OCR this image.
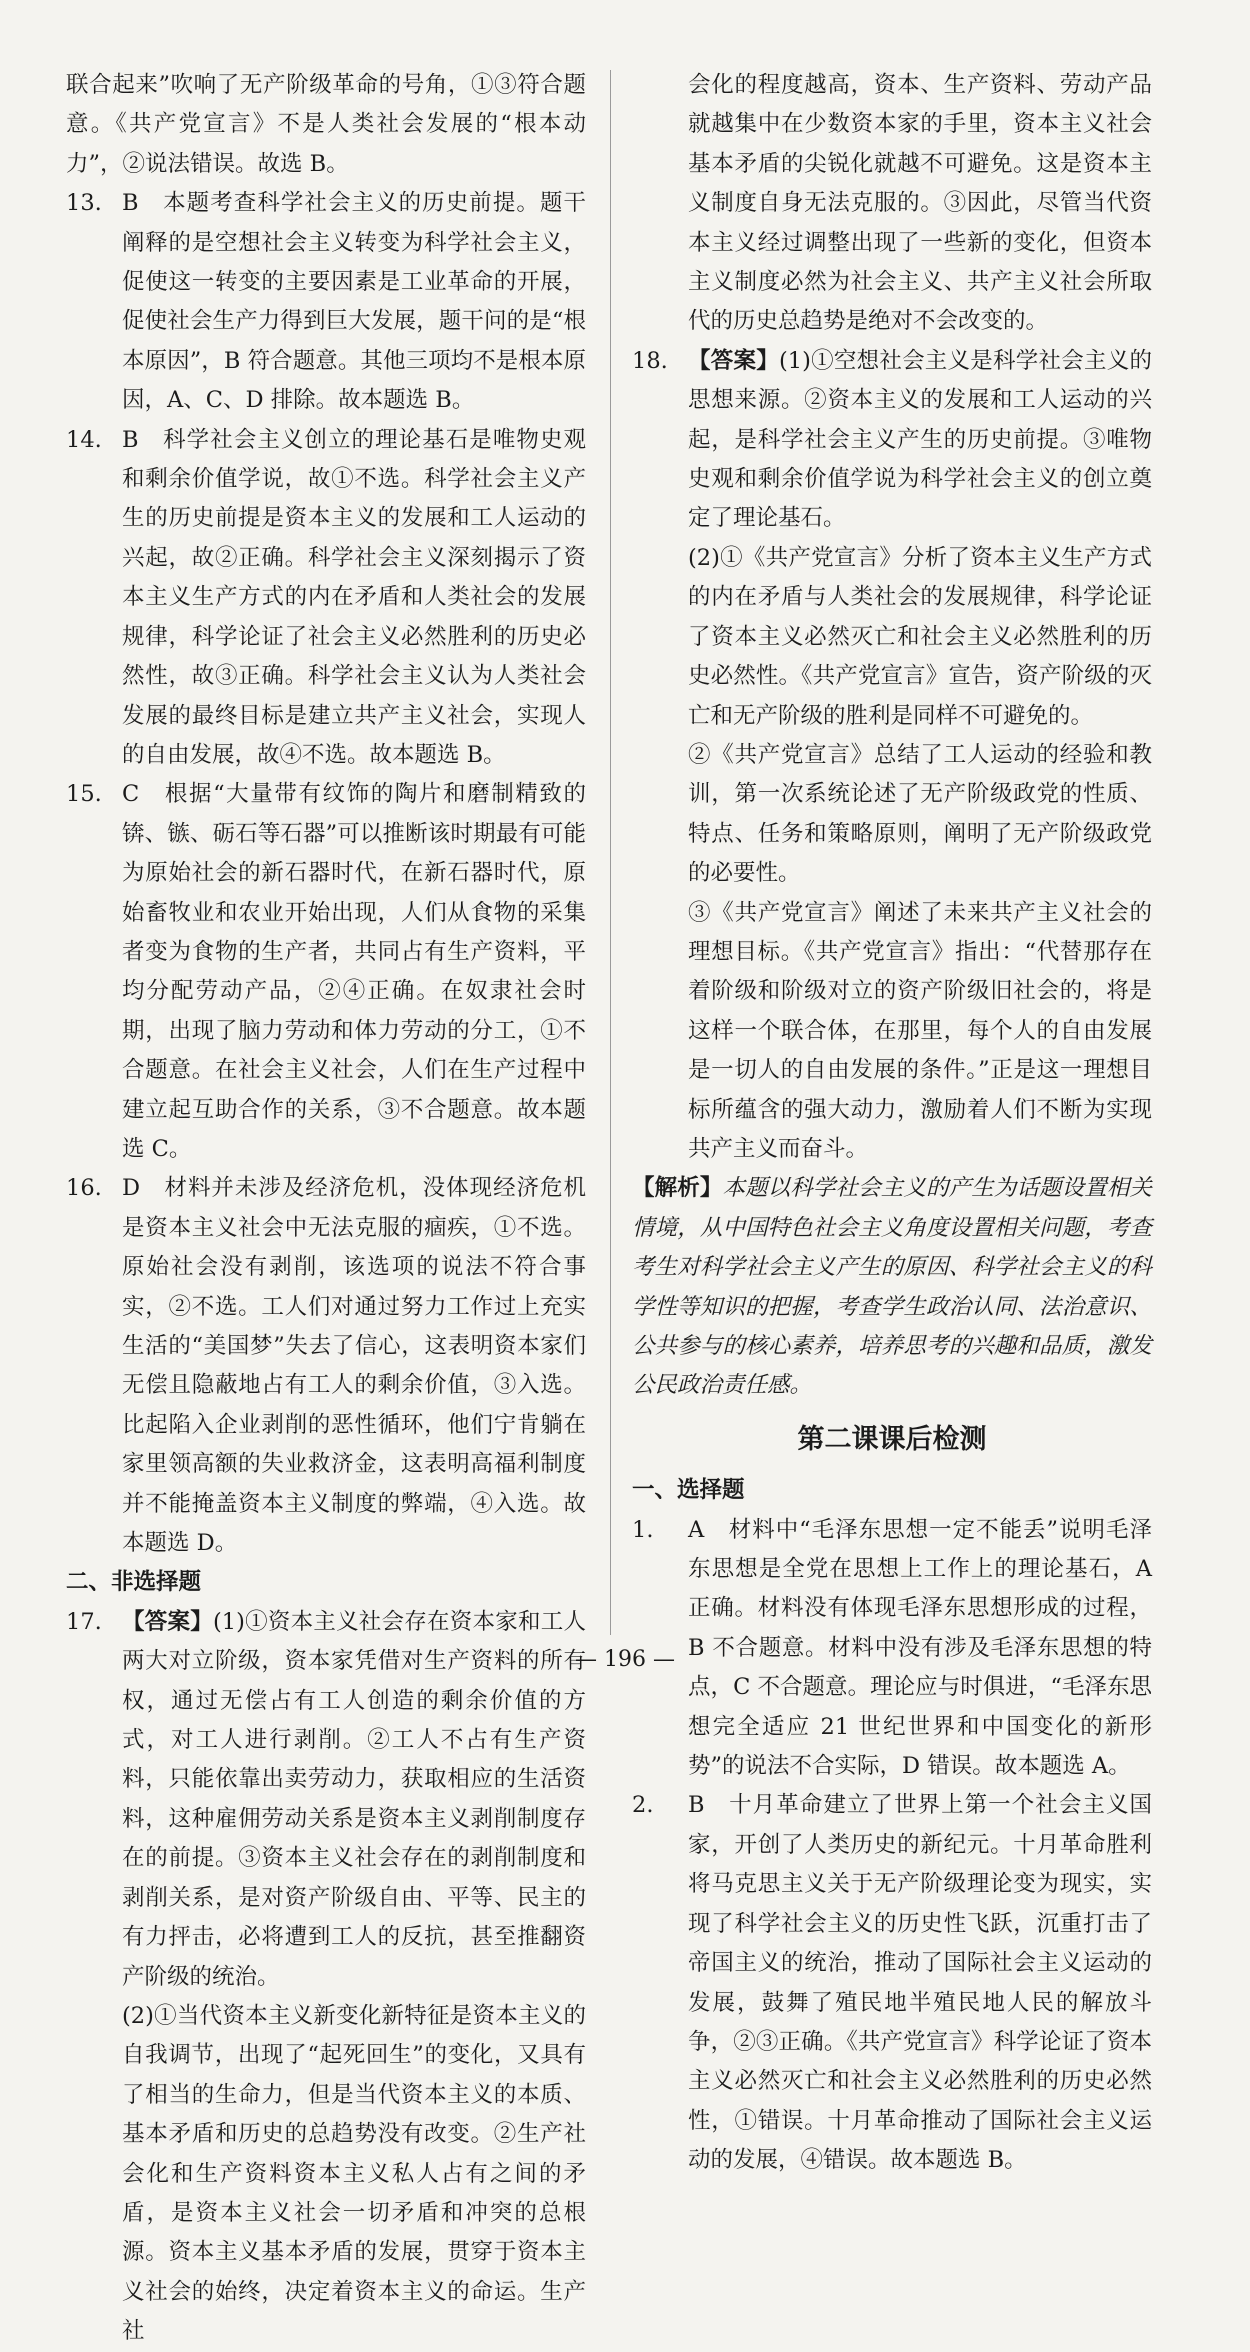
联合起来”吹响了无产阶级革命的号角，①③符合题意。《共产党宣言》不是人类社会发展的“根本动力”，②说法错误。故选 B。

13. B　本题考查科学社会主义的历史前提。题干阐释的是空想社会主义转变为科学社会主义，促使这一转变的主要因素是工业革命的开展，促使社会生产力得到巨大发展，题干问的是“根本原因”，B 符合题意。其他三项均不是根本原因，A、C、D 排除。故本题选 B。
14. B　科学社会主义创立的理论基石是唯物史观和剩余价值学说，故①不选。科学社会主义产生的历史前提是资本主义的发展和工人运动的兴起，故②正确。科学社会主义深刻揭示了资本主义生产方式的内在矛盾和人类社会的发展规律，科学论证了社会主义必然胜利的历史必然性，故③正确。科学社会主义认为人类社会发展的最终目标是建立共产主义社会，实现人的自由发展，故④不选。故本题选 B。
15. C　根据“大量带有纹饰的陶片和磨制精致的锛、镞、砺石等石器”可以推断该时期最有可能为原始社会的新石器时代，在新石器时代，原始畜牧业和农业开始出现，人们从食物的采集者变为食物的生产者，共同占有生产资料，平均分配劳动产品，②④正确。在奴隶社会时期，出现了脑力劳动和体力劳动的分工，①不合题意。在社会主义社会，人们在生产过程中建立起互助合作的关系，③不合题意。故本题选 C。
16. D　材料并未涉及经济危机，没体现经济危机是资本主义社会中无法克服的痼疾，①不选。原始社会没有剥削，该选项的说法不符合事实，②不选。工人们对通过努力工作过上充实生活的“美国梦”失去了信心，这表明资本家们无偿且隐蔽地占有工人的剩余价值，③入选。比起陷入企业剥削的恶性循环，他们宁肯躺在家里领高额的失业救济金，这表明高福利制度并不能掩盖资本主义制度的弊端，④入选。故本题选 D。

二、非选择题

17. 【答案】(1)①资本主义社会存在资本家和工人两大对立阶级，资本家凭借对生产资料的所有权，通过无偿占有工人创造的剩余价值的方式，对工人进行剥削。②工人不占有生产资料，只能依靠出卖劳动力，获取相应的生活资料，这种雇佣劳动关系是资本主义剥削制度存在的前提。③资本主义社会存在的剥削制度和剥削关系，是对资产阶级自由、平等、民主的有力抨击，必将遭到工人的反抗，甚至推翻资产阶级的统治。

(2)①当代资本主义新变化新特征是资本主义的自我调节，出现了“起死回生”的变化，又具有了相当的生命力，但是当代资本主义的本质、基本矛盾和历史的总趋势没有改变。②生产社会化和生产资料资本主义私人占有之间的矛盾，是资本主义社会一切矛盾和冲突的总根源。资本主义基本矛盾的发展，贯穿于资本主义社会的始终，决定着资本主义的命运。生产社

会化的程度越高，资本、生产资料、劳动产品就越集中在少数资本家的手里，资本主义社会基本矛盾的尖锐化就越不可避免。这是资本主义制度自身无法克服的。③因此，尽管当代资本主义经过调整出现了一些新的变化，但资本主义制度必然为社会主义、共产主义社会所取代的历史总趋势是绝对不会改变的。

18. 【答案】(1)①空想社会主义是科学社会主义的思想来源。②资本主义的发展和工人运动的兴起，是科学社会主义产生的历史前提。③唯物史观和剩余价值学说为科学社会主义的创立奠定了理论基石。

(2)①《共产党宣言》分析了资本主义生产方式的内在矛盾与人类社会的发展规律，科学论证了资本主义必然灭亡和社会主义必然胜利的历史必然性。《共产党宣言》宣告，资产阶级的灭亡和无产阶级的胜利是同样不可避免的。

②《共产党宣言》总结了工人运动的经验和教训，第一次系统论述了无产阶级政党的性质、特点、任务和策略原则，阐明了无产阶级政党的必要性。

③《共产党宣言》阐述了未来共产主义社会的理想目标。《共产党宣言》指出：“代替那存在着阶级和阶级对立的资产阶级旧社会的，将是这样一个联合体，在那里，每个人的自由发展是一切人的自由发展的条件。”正是这一理想目标所蕴含的强大动力，激励着人们不断为实现共产主义而奋斗。

【解析】本题以科学社会主义的产生为话题设置相关情境，从中国特色社会主义角度设置相关问题，考查考生对科学社会主义产生的原因、科学社会主义的科学性等知识的把握，考查学生政治认同、法治意识、公共参与的核心素养，培养思考的兴趣和品质，激发公民政治责任感。

第二课课后检测

一、选择题

1.	A　材料中“毛泽东思想一定不能丢”说明毛泽东思想是全党在思想上工作上的理论基石，A 正确。材料没有体现毛泽东思想形成的过程，B 不合题意。材料中没有涉及毛泽东思想的特点，C 不合题意。理论应与时俱进，“毛泽东思想完全适应 21 世纪世界和中国变化的新形势”的说法不合实际，D 错误。故本题选 A。
2.	B　十月革命建立了世界上第一个社会主义国家，开创了人类历史的新纪元。十月革命胜利将马克思主义关于无产阶级理论变为现实，实现了科学社会主义的历史性飞跃，沉重打击了帝国主义的统治，推动了国际社会主义运动的发展，鼓舞了殖民地半殖民地人民的解放斗争，②③正确。《共产党宣言》科学论证了资本主义必然灭亡和社会主义必然胜利的历史必然性，①错误。十月革命推动了国际社会主义运动的发展，④错误。故本题选 B。
— 196 —
